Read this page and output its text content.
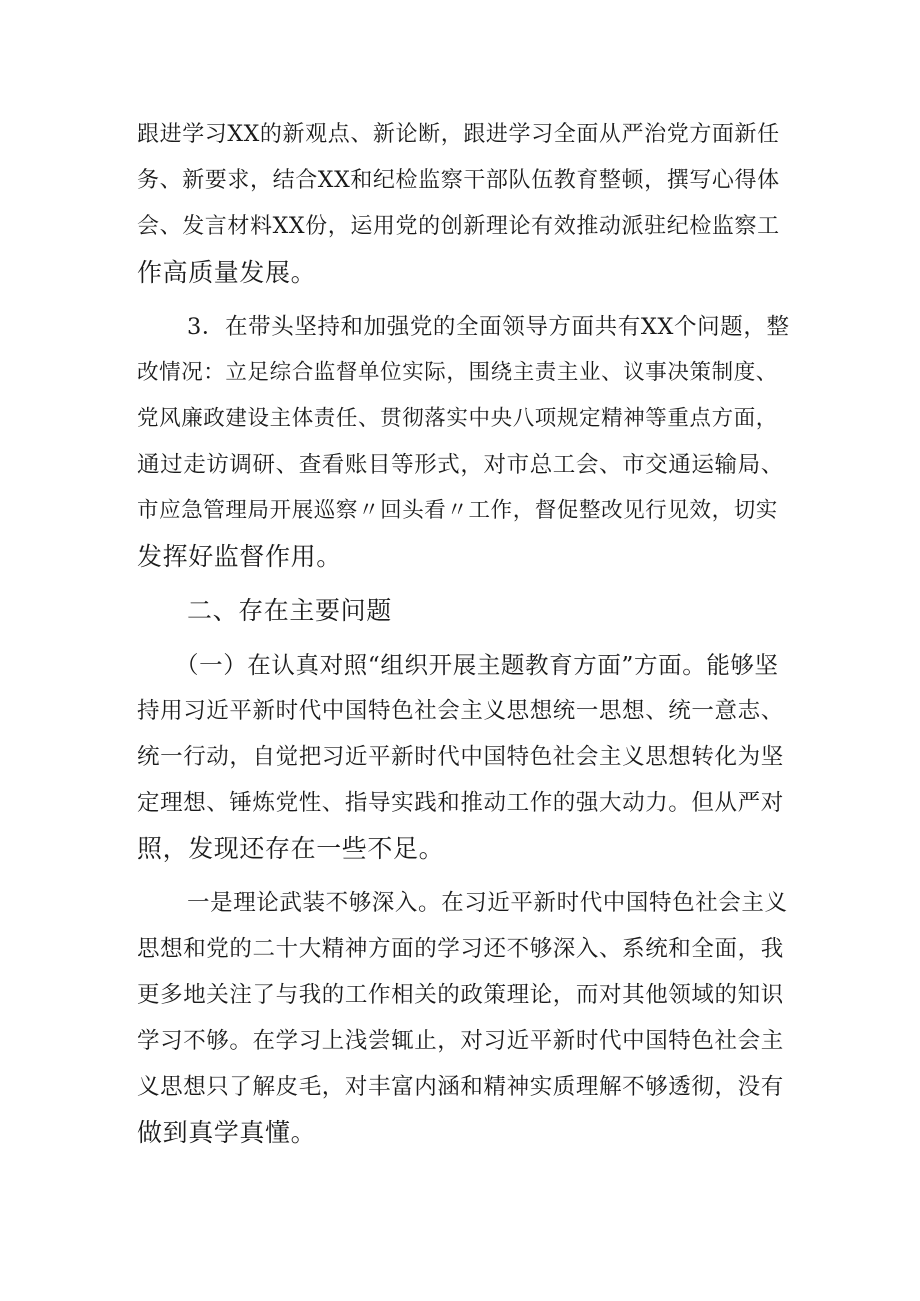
跟进学习XX的新观点、新论断，跟进学习全面从严治党方面新任
务、新要求，结合XX和纪检监察干部队伍教育整顿，撰写心得体
会、发言材料XX份，运用党的创新理论有效推动派驻纪检监察工
作高质量发展。
3．在带头坚持和加强党的全面领导方面共有XX个问题，整
改情况：立足综合监督单位实际，围绕主责主业、议事决策制度、
党风廉政建设主体责任、贯彻落实中央八项规定精神等重点方面，
通过走访调研、查看账目等形式，对市总工会、市交通运输局、
市应急管理局开展巡察〃回头看〃工作，督促整改见行见效，切实
发挥好监督作用。
二、存在主要问题
（一）在认真对照“组织开展主题教育方面”方面。能够坚
持用习近平新时代中国特色社会主义思想统一思想、统一意志、
统一行动，自觉把习近平新时代中国特色社会主义思想转化为坚
定理想、锤炼党性、指导实践和推动工作的强大动力。但从严对
照，发现还存在一些不足。
一是理论武装不够深入。在习近平新时代中国特色社会主义
思想和党的二十大精神方面的学习还不够深入、系统和全面，我
更多地关注了与我的工作相关的政策理论，而对其他领域的知识
学习不够。在学习上浅尝辄止，对习近平新时代中国特色社会主
义思想只了解皮毛，对丰富内涵和精神实质理解不够透彻，没有
做到真学真懂。
